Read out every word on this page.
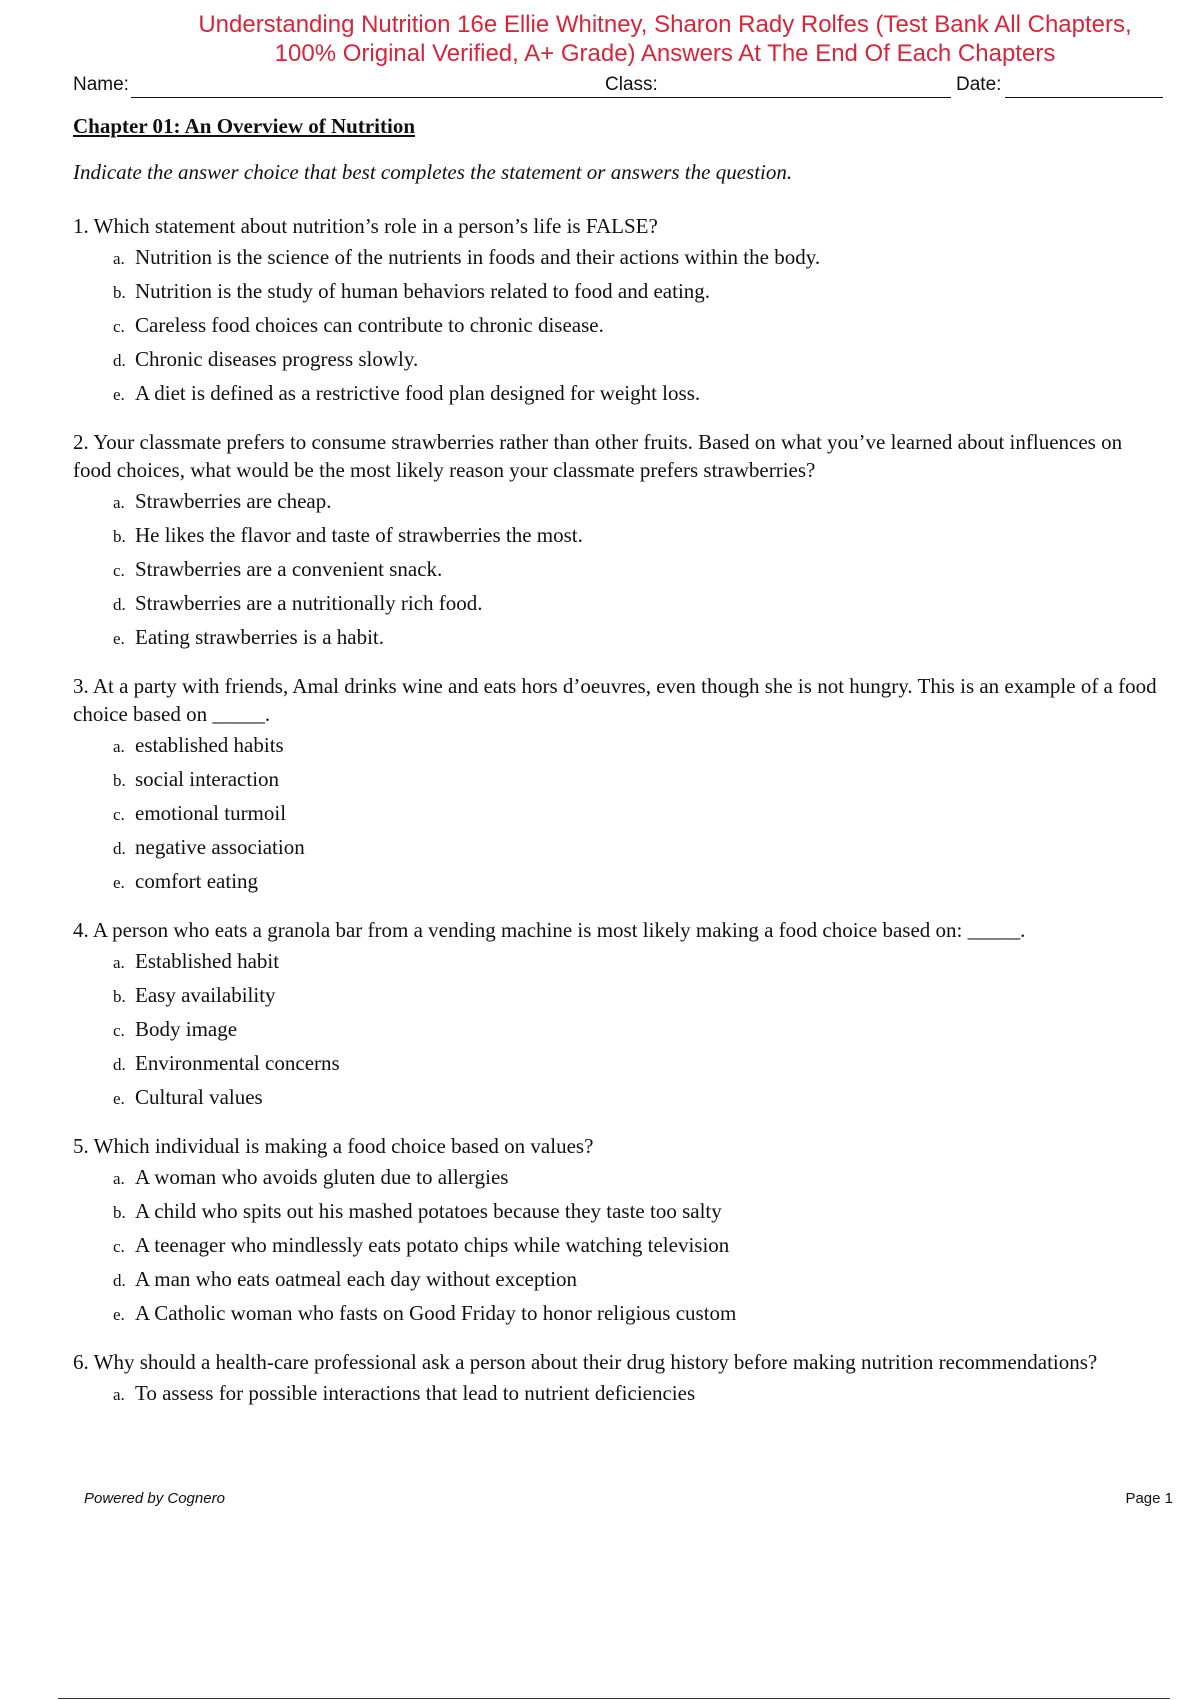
Understanding Nutrition 16e Ellie Whitney, Sharon Rady Rolfes (Test Bank All Chapters,
100% Original Verified, A+ Grade) Answers At The End Of Each Chapters
Name:	Class:	Date:
Chapter 01: An Overview of Nutrition
Indicate the answer choice that best completes the statement or answers the question.
1. Which statement about nutrition’s role in a person’s life is FALSE?
a. Nutrition is the science of the nutrients in foods and their actions within the body.
b. Nutrition is the study of human behaviors related to food and eating.
c. Careless food choices can contribute to chronic disease.
d. Chronic diseases progress slowly.
e. A diet is defined as a restrictive food plan designed for weight loss.
2. Your classmate prefers to consume strawberries rather than other fruits. Based on what you’ve learned about influences on food choices, what would be the most likely reason your classmate prefers strawberries?
a. Strawberries are cheap.
b. He likes the flavor and taste of strawberries the most.
c. Strawberries are a convenient snack.
d. Strawberries are a nutritionally rich food.
e. Eating strawberries is a habit.
3. At a party with friends, Amal drinks wine and eats hors d’oeuvres, even though she is not hungry. This is an example of a food choice based on _____.
a. established habits
b. social interaction
c. emotional turmoil
d. negative association
e. comfort eating
4. A person who eats a granola bar from a vending machine is most likely making a food choice based on: _____.
a. Established habit
b. Easy availability
c. Body image
d. Environmental concerns
e. Cultural values
5. Which individual is making a food choice based on values?
a. A woman who avoids gluten due to allergies
b. A child who spits out his mashed potatoes because they taste too salty
c. A teenager who mindlessly eats potato chips while watching television
d. A man who eats oatmeal each day without exception
e. A Catholic woman who fasts on Good Friday to honor religious custom
6. Why should a health-care professional ask a person about their drug history before making nutrition recommendations?
a. To assess for possible interactions that lead to nutrient deficiencies
Powered by Cognero	Page 1
